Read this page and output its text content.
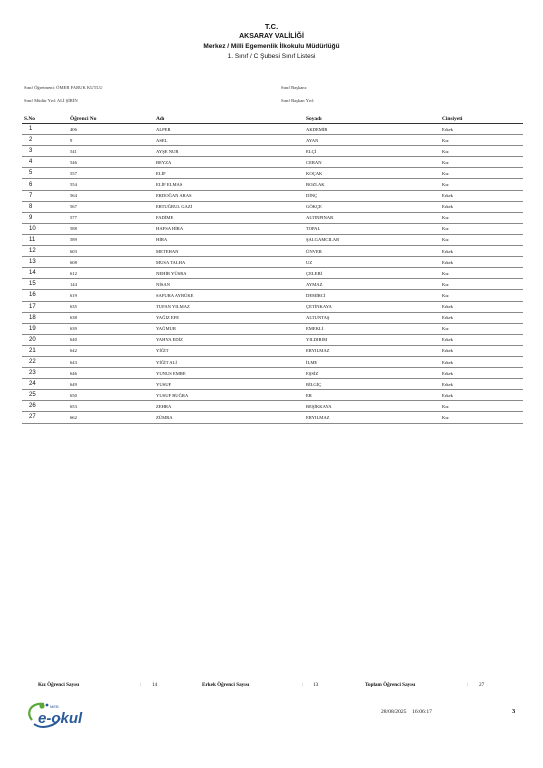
T.C.
AKSARAY VALİLİĞİ
Merkez / Milli Egemenlik İlkokulu Müdürlüğü
1. Sınıf / C Şubesi Sınıf Listesi
Sınıf Öğretmeni: ÖMER FARUK KUTLU
Sınıf Müdür Yrd: ALİ ŞİRİN
Sınıf Başkanı:
Sınıf Başkan Yrd:
S.No	Öğrenci No	Adı	Soyadı	Cinsiyeti
1	406	ALPER	AKDEMİR	Erkek
2	9	ASEL	AYAN	Kız
3	541	AYŞE NUR	ELÇİ	Kız
4	546	BEYZA	CERAN	Kız
5	557	ELİF	KOÇAK	Kız
6	554	ELİF ELMAS	BOZLAK	Kız
7	564	ERDOĞAN ARAS	DİNÇ	Erkek
8	567	ERTUĞRUL GAZİ	GÖKÇE	Erkek
9	577	FADİME	ALTINPINAR	Kız
10	588	HAFSA HİRA	TOPAL	Kız
11	589	HİRA	ŞALGAMCILAR	Kız
12	603	METEHAN	ÜNVER	Erkek
13	608	MUSA TALHA	UZ	Erkek
14	612	NEHİR YÜSRA	ÇELEBİ	Kız
15	144	NİSAN	AYMAZ	Kız
16	619	SAFURA AYBÜKE	DEMİRCİ	Kız
17	635	TUFAN YILMAZ	ÇETİNKAYA	Erkek
18	638	YAĞIZ EFE	ALTUNTAŞ	Erkek
19	639	YAĞMUR	EMEKLİ	Kız
20	640	YAHYA EDİZ	YILDIRIM	Erkek
21	642	YİĞİT	ERYILMAZ	Erkek
22	643	YİĞİT ALİ	İLME	Erkek
23	646	YUNUS EMRE	EŞSİZ	Erkek
24	649	YUSUF	BİLGİÇ	Erkek
25	650	YUSUF BUĞRA	ER	Erkek
26	653	ZEHRA	BEŞİKKAYA	Kız
27	662	ZÜMRA	ERYILMAZ	Kız
Kız Öğrenci Sayısı	: 14	Erkek Öğrenci Sayısı	: 13	Toplam Öğrenci Sayısı	: 27
MEB
e-okul	28/08/2025    16:06:17	3
